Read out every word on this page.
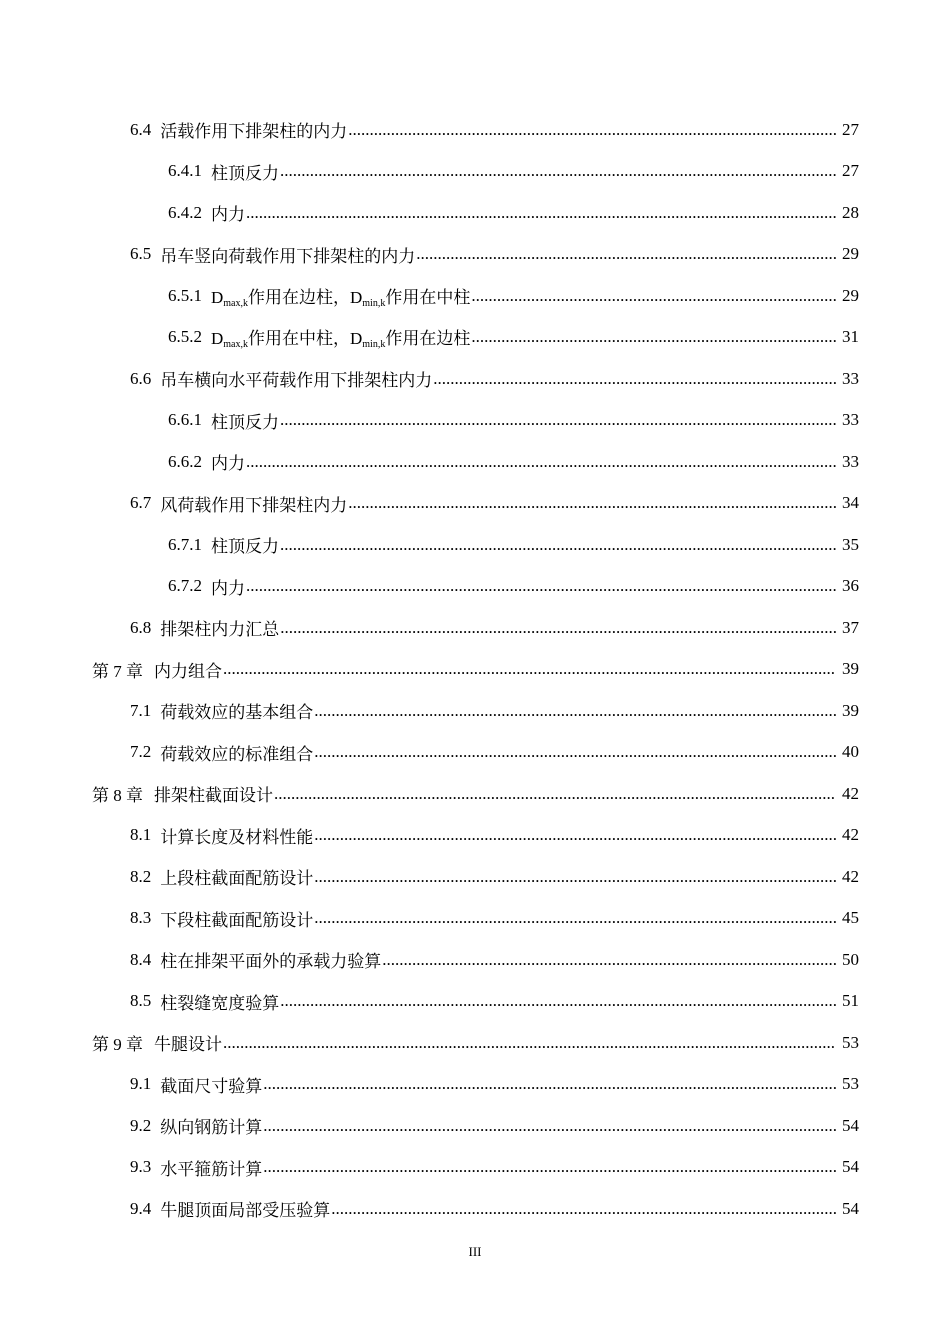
6.4 活载作用下排架柱的内力 .....	27
6.4.1 柱顶反力 .....	27
6.4.2 内力 .....	28
6.5 吊车竖向荷载作用下排架柱的内力 .....	29
6.5.1 $D_{max,k}$作用在边柱，$D_{min,k}$作用在中柱 .....	29
6.5.2 $D_{max,k}$作用在中柱，$D_{min,k}$作用在边柱 .....	31
6.6 吊车横向水平荷载作用下排架柱内力 .....	33
6.6.1 柱顶反力 .....	33
6.6.2 内力 .....	33
6.7 风荷载作用下排架柱内力 .....	34
6.7.1 柱顶反力 .....	35
6.7.2 内力 .....	36
6.8 排架柱内力汇总 .....	37
第 7 章 内力组合 .....	39
7.1 荷载效应的基本组合 .....	39
7.2 荷载效应的标准组合 .....	40
第 8 章 排架柱截面设计 .....	42
8.1 计算长度及材料性能 .....	42
8.2 上段柱截面配筋设计 .....	42
8.3 下段柱截面配筋设计 .....	45
8.4 柱在排架平面外的承载力验算 .....	50
8.5 柱裂缝宽度验算 .....	51
第 9 章 牛腿设计 .....	53
9.1 截面尺寸验算 .....	53
9.2 纵向钢筋计算 .....	54
9.3 水平箍筋计算 .....	54
9.4 牛腿顶面局部受压验算 .....	54
III
